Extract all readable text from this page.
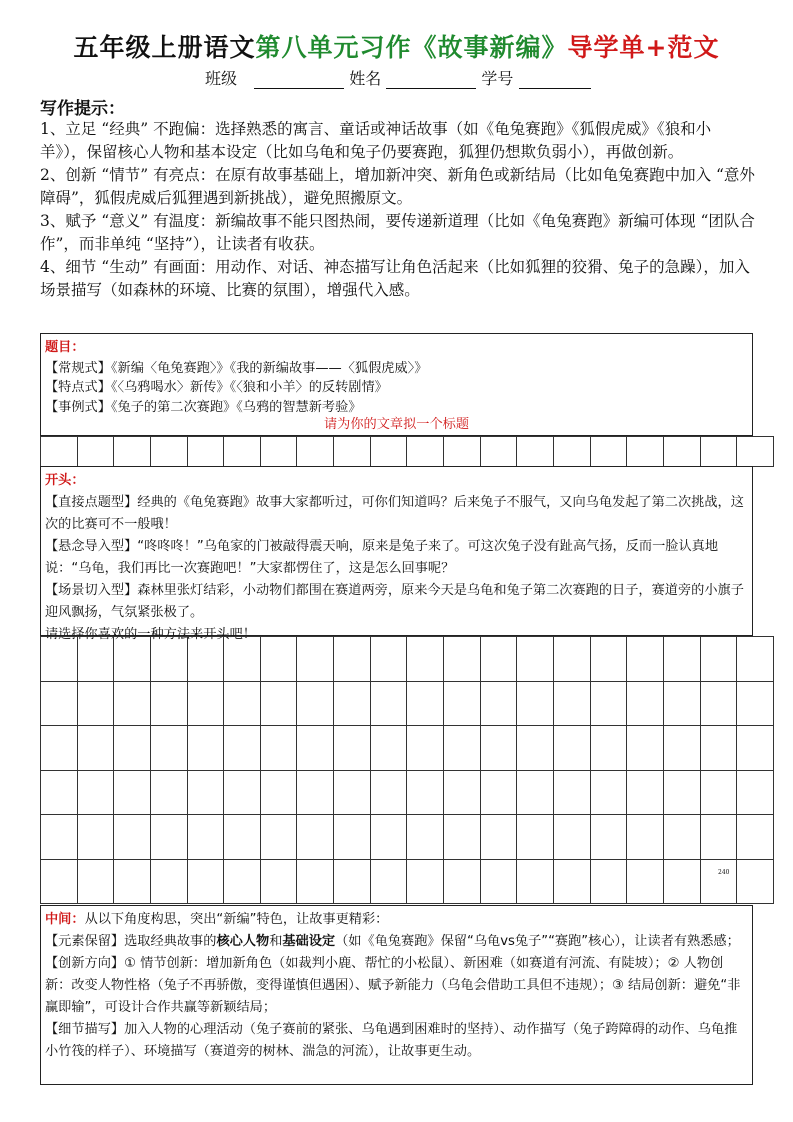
五年级上册语文第八单元习作《故事新编》导学单+范文
班级	姓名	学号
写作提示：

1、立足 “经典” 不跑偏：选择熟悉的寓言、童话或神话故事（如《龟兔赛跑》《狐假虎威》《狼和小羊》），保留核心人物和基本设定（比如乌龟和兔子仍要赛跑，狐狸仍想欺负弱小），再做创新。

2、创新 “情节” 有亮点：在原有故事基础上，增加新冲突、新角色或新结局（比如龟兔赛跑中加入 “意外障碍”，狐假虎威后狐狸遇到新挑战），避免照搬原文。

3、赋予 “意义” 有温度：新编故事不能只图热闹，要传递新道理（比如《龟兔赛跑》新编可体现 “团队合作”，而非单纯 “坚持”），让读者有收获。

4、细节 “生动” 有画面：用动作、对话、神态描写让角色活起来（比如狐狸的狡猾、兔子的急躁），加入场景描写（如森林的环境、比赛的氛围），增强代入感。

题目：

【常规式】《新编〈龟兔赛跑〉》《我的新编故事——〈狐假虎威〉》

【特点式】《〈乌鸦喝水〉新传》《〈狼和小羊〉的反转剧情》

【事例式】《兔子的第二次赛跑》《乌鸦的智慧新考验》

请为你的文章拟一个标题

开头：

【直接点题型】经典的《龟兔赛跑》故事大家都听过，可你们知道吗？后来兔子不服气，又向乌龟发起了第二次挑战，这次的比赛可不一般哦！

【悬念导入型】“咚咚咚！”乌龟家的门被敲得震天响，原来是兔子来了。可这次兔子没有趾高气扬，反而一脸认真地说：“乌龟，我们再比一次赛跑吧！”大家都愣住了，这是怎么回事呢？

【场景切入型】森林里张灯结彩，小动物们都围在赛道两旁，原来今天是乌龟和兔子第二次赛跑的日子，赛道旁的小旗子迎风飘扬，气氛紧张极了。

请选择你喜欢的一种方法来开头吧！

240

中间：从以下角度构思，突出“新编”特色，让故事更精彩：

【元素保留】选取经典故事的核心人物和基础设定（如《龟兔赛跑》保留“乌龟vs兔子”“赛跑”核心），让读者有熟悉感；

【创新方向】① 情节创新：增加新角色（如裁判小鹿、帮忙的小松鼠）、新困难（如赛道有河流、有陡坡）；② 人物创新：改变人物性格（兔子不再骄傲，变得谨慎但遇困）、赋予新能力（乌龟会借助工具但不违规）；③ 结局创新：避免“非赢即输”，可设计合作共赢等新颖结局；

【细节描写】加入人物的心理活动（兔子赛前的紧张、乌龟遇到困难时的坚持）、动作描写（兔子跨障碍的动作、乌龟推小竹筏的样子）、环境描写（赛道旁的树林、湍急的河流），让故事更生动。
